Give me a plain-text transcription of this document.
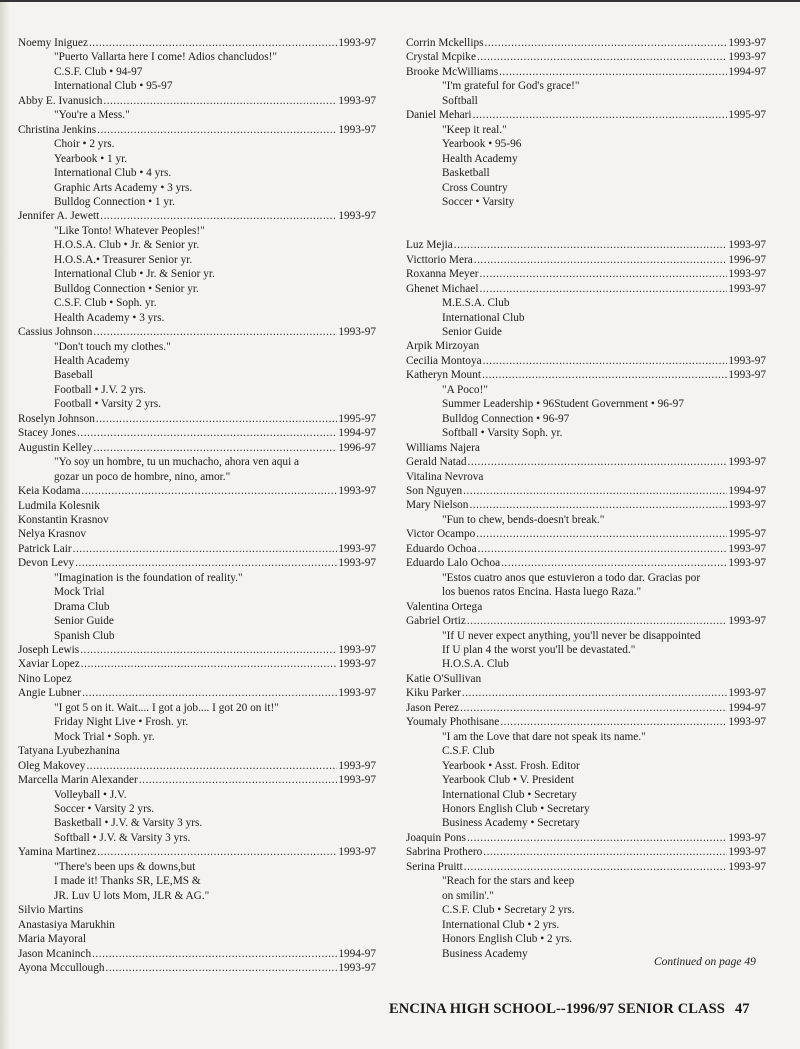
Noemy Iniguez .....	1993-97
"Puerto Vallarta here I come! Adios chancludos!"
C.S.F. Club • 94-97
International Club • 95-97
Abby E. Ivanusich .....	1993-97
"You're a Mess."
Christina Jenkins .....	1993-97
Choir • 2 yrs.
Yearbook • 1 yr.
International Club • 4 yrs.
Graphic Arts Academy • 3 yrs.
Bulldog Connection • 1 yr.
Jennifer A. Jewett .....	1993-97
"Like Tonto! Whatever Peoples!"
H.O.S.A. Club • Jr. & Senior yr.
H.O.S.A.• Treasurer Senior yr.
International Club • Jr. & Senior yr.
Bulldog Connection • Senior yr.
C.S.F. Club • Soph. yr.
Health Academy • 3 yrs.
Cassius Johnson .....	1993-97
"Don't touch my clothes."
Health Academy
Baseball
Football • J.V. 2 yrs.
Football • Varsity 2 yrs.
Roselyn Johnson .....	1995-97
Stacey Jones .....	1994-97
Augustin Kelley .....	1996-97
"Yo soy un hombre, tu un muchacho, ahora ven aqui a
gozar un poco de hombre, nino, amor."
Keia Kodama .....	1993-97
Ludmila Kolesnik
Konstantin Krasnov
Nelya Krasnov
Patrick Lair .....	1993-97
Devon Levy .....	1993-97
"Imagination is the foundation of reality."
Mock Trial
Drama Club
Senior Guide
Spanish Club
Joseph Lewis .....	1993-97
Xaviar Lopez .....	1993-97
Nino Lopez
Angie Lubner .....	1993-97
"I got 5 on it. Wait.... I got a job.... I got 20 on it!"
Friday Night Live • Frosh. yr.
Mock Trial • Soph. yr.
Tatyana Lyubezhanina
Oleg Makovey .....	1993-97
Marcella Marin Alexander .....	1993-97
Volleyball • J.V.
Soccer • Varsity 2 yrs.
Basketball • J.V. & Varsity 3 yrs.
Softball • J.V. & Varsity 3 yrs.
Yamina Martinez .....	1993-97
"There's been ups & downs,but
I made it! Thanks SR, LE,MS &
JR. Luv U lots Mom, JLR & AG."
Silvio Martins
Anastasiya Marukhin
Maria Mayoral
Jason Mcaninch .....	1994-97
Ayona Mccullough .....	1993-97
Corrin Mckellips .....	1993-97
Crystal Mcpike .....	1993-97
Brooke McWilliams .....	1994-97
"I'm grateful for God's grace!"
Softball
Daniel Mehari .....	1995-97
"Keep it real."
Yearbook • 95-96
Health Academy
Basketball
Cross Country
Soccer • Varsity
Luz Mejia .....	1993-97
Victtorio Mera .....	1996-97
Roxanna Meyer .....	1993-97
Ghenet Michael .....	1993-97
M.E.S.A. Club
International Club
Senior Guide
Arpik Mirzoyan
Cecilia Montoya .....	1993-97
Katheryn Mount .....	1993-97
"A Poco!"
Summer Leadership • 96 Student Government • 96-97
Bulldog Connection • 96-97
Softball • Varsity Soph. yr.
Williams Najera
Gerald Natad .....	1993-97
Vitalina Nevrova
Son Nguyen .....	1994-97
Mary Nielson .....	1993-97
"Fun to chew, bends-doesn't break."
Victor Ocampo .....	1995-97
Eduardo Ochoa .....	1993-97
Eduardo Lalo Ochoa .....	1993-97
"Estos cuatro anos que estuvieron a todo dar. Gracias por
los buenos ratos Encina. Hasta luego Raza."
Valentina Ortega
Gabriel Ortiz .....	1993-97
"If U never expect anything, you'll never be disappointed
If U plan 4 the worst you'll be devastated."
H.O.S.A. Club
Katie O'Sullivan
Kiku Parker .....	1993-97
Jason Perez .....	1994-97
Youmaly Phothisane .....	1993-97
"I am the Love that dare not speak its name."
C.S.F. Club
Yearbook • Asst. Frosh. Editor
Yearbook Club • V. President
International Club • Secretary
Honors English Club • Secretary
Business Academy • Secretary
Joaquin Pons .....	1993-97
Sabrina Prothero .....	1993-97
Serina Pruitt .....	1993-97
"Reach for the stars and keep
on smilin'."
C.S.F. Club • Secretary 2 yrs.
International Club • 2 yrs.
Honors English Club • 2 yrs.
Business Academy
Continued on page 49
ENCINA HIGH SCHOOL--1996/97 SENIOR CLASS 47
